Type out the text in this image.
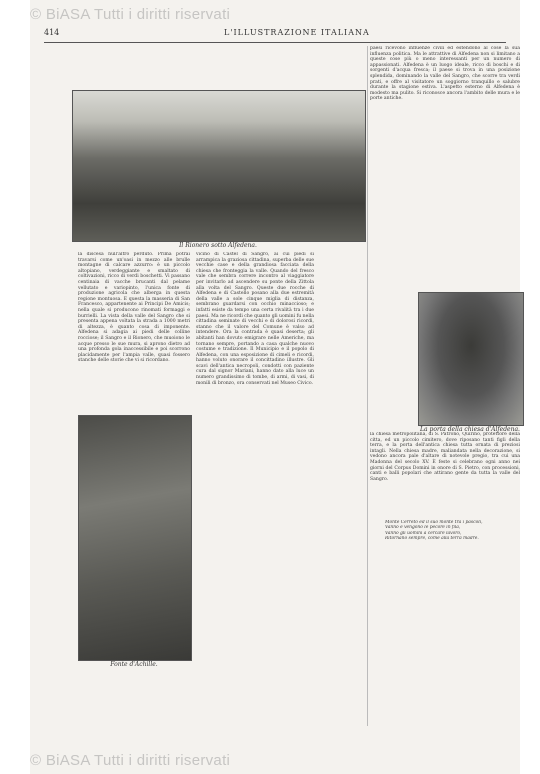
414	L'ILLUSTRAZIONE ITALIANA
Il Rionero sotto Alfedena.
La porta della chiesa d'Alfedena.
Fonte d'Achille.
la discesa null'altro perduto. Prima potrai travarsi come un'oasi in mezzo alle brulle montagne di calcare azzurro: è un piccolo altopiano, verdeggiante e smaltato di coltivazioni, ricco di verdi boschetti. Vi passano centinaia di vacche brucanti dal pelame vellutato e variopinto, l'unica fonte di produzione agricola che alberga in questa regione montuosa. E questa la masseria di San Francesco, appartenente ai Principi De Amicis; nella quale si producono rinomati formaggi e burrielli. La vista della valle del Sangro che si presenta appena voltata la strada a 1000 metri di altezza, è quanto cosa di imponente. Alfedena si adagia ai piedi delle colline rocciose; il Sangro e il Rionero, che muoiono le acque presso le sue mura, si aprono dietro ad una profonda gola inaccessibile e poi scorrono placidamente per l'ampia valle, quasi fossero stanche delle storie che vi si ricordano.
vicino di Castel di Sangro, ai cui piedi si arrampica la graziosa cittadina, superba delle sue vecchie case e della grandiosa facciata della chiesa che fronteggia la valle. Quando del fresco vale che sembra correre incontro al viaggiatore per invitarlo ad ascendere su ponte della Zittola alla volta del Sangro. Queste due rocche di Alfedena e di Castello posano alla due estremità della valle a sole cinque miglia di distanza, sembrano guardarsi con occhio minaccioso; e infatti esiste da tempo una certa rivalità tra i due paesi. Ma ne ricordi che quanto gli uomini fu nella cittadina seminate di vecchi e di dolorosi ricordi, stanno che il valore del Comune è valso ad intendere. Ora la contrada è quasi deserta; gli abitanti han dovuto emigrare nelle Americhe, ma tornano sempre, portando a casa qualche nuovo costume e tradizione. Il Municipio e il popolo di Alfedena, con una esposizione di cimeli e ricordi, hanno voluto onorare il concittadino illustre. Gli scavi dell'antica necropoli, condotti con paziente cura dal signor Mariani, hanno dato alla luce un numero grandissimo di tombe, di armi, di vasi, di monili di bronzo, ora conservati nel Museo Civico.
paesi ricevono influenze civili ed estendono al cose la sua influenza politica. Ma le attrattive di Alfedena non si limitano a queste cose più o meno interessanti per un numero di appassionati. Alfedena è un luogo ideale, ricco di boschi e di sorgenti d'acqua fresca; il paese si trova in una posizione splendida, dominando la valle del Sangro, che scorre tra verdi prati, e offre al visitatore un soggiorno tranquillo e salubre durante la stagione estiva. L'aspetto esterno di Alfedena è modesto ma pulito. Si riconosce ancora l'ambito delle mura e le porte antiche.
la chiesa metropolitana, di S. Patrono, Quirino, protettore della citta, ed un piccolo cimitero, dove riposano tanti figli della terra, e la porta dell'antica chiesa tutta ornata di preziosi intagli. Nella chiesa madre, maliandata nella decorazione, si vedono ancora pale d'altare di notevole pregio, tra cui una Madonna del secolo XV. È feste si celebrano ogni anno nei giorni del Corpus Domini in onore di S. Pietro, con processioni, canti e balli popolari che attirano gente da tutta la valle del Sangro.
Monte Cerreto ed il suo monte tra i pascoli,
Vanno e vengono le pecore in fila,
Vanno gli uomini a cercare lavoro,
Ritornano sempre, come alla terra madre.
© BiASA Tutti i diritti riservati
© BiASA Tutti i diritti riservati
